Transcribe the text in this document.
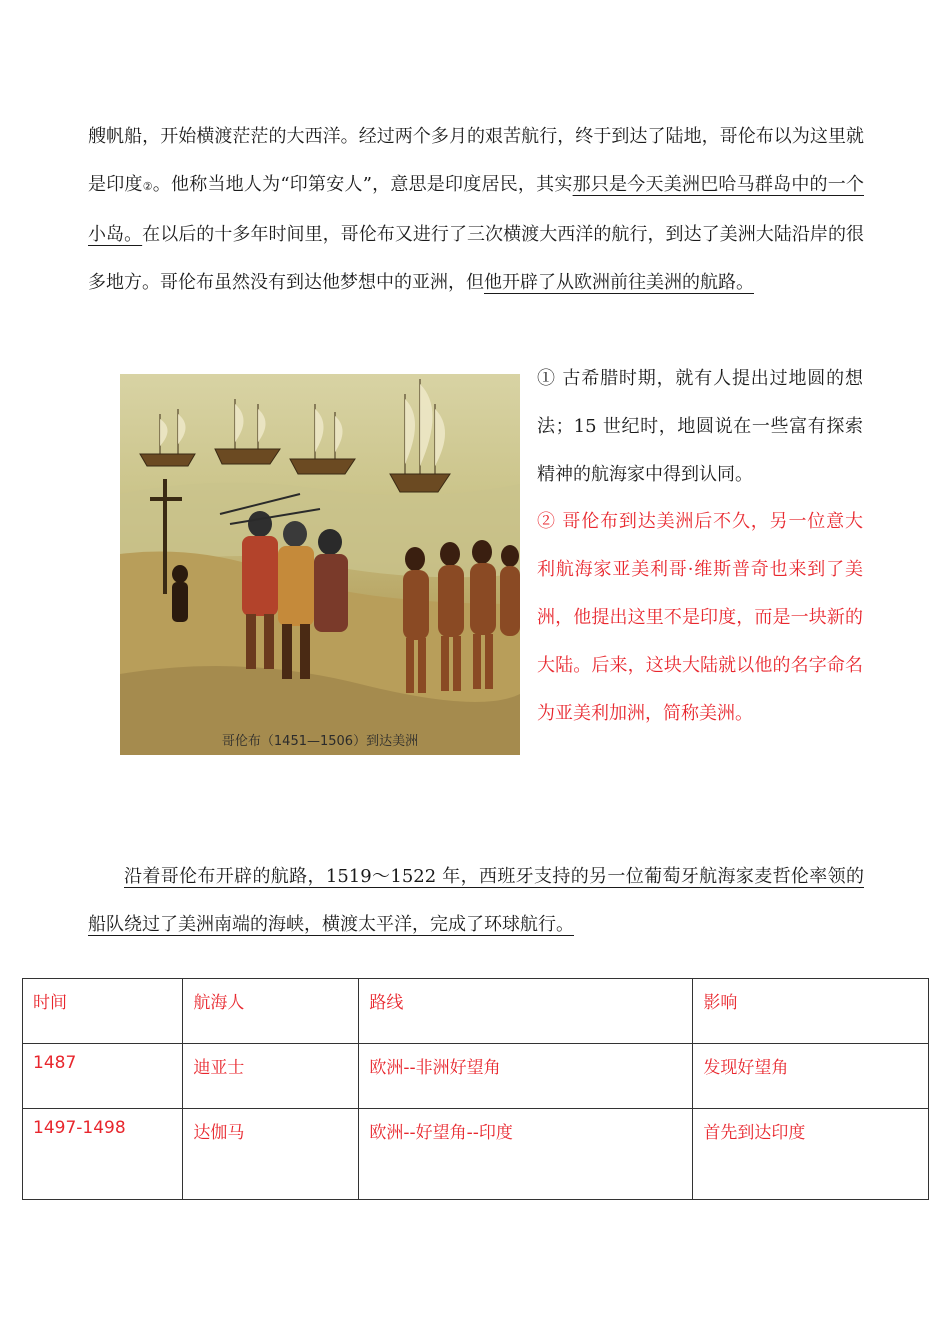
艘帆船，开始横渡茫茫的大西洋。经过两个多月的艰苦航行，终于到达了陆地，哥伦布以为这里就是印度②。他称当地人为“印第安人”，意思是印度居民，其实那只是今天美洲巴哈马群岛中的一个小岛。在以后的十多年时间里，哥伦布又进行了三次横渡大西洋的航行，到达了美洲大陆沿岸的很多地方。哥伦布虽然没有到达他梦想中的亚洲，但他开辟了从欧洲前往美洲的航路。

哥伦布（1451—1506）到达美洲

① 古希腊时期，就有人提出过地圆的想法；15 世纪时，地圆说在一些富有探索精神的航海家中得到认同。

② 哥伦布到达美洲后不久，另一位意大利航海家亚美利哥·维斯普奇也来到了美洲，他提出这里不是印度，而是一块新的大陆。后来，这块大陆就以他的名字命名为亚美利加洲，简称美洲。

沿着哥伦布开辟的航路，1519～1522 年，西班牙支持的另一位葡萄牙航海家麦哲伦率领的船队绕过了美洲南端的海峡，横渡太平洋，完成了环球航行。

时间	航海人	路线	影响
1487	迪亚士	欧洲--非洲好望角	发现好望角
1497-1498	达伽马	欧洲--好望角--印度	首先到达印度
